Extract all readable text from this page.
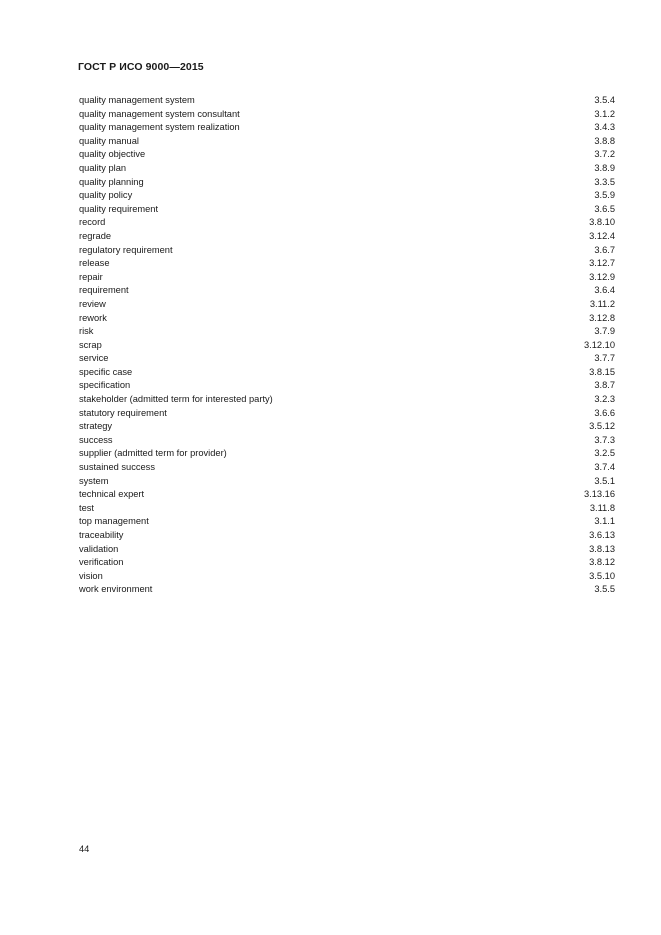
ГОСТ Р ИСО 9000—2015
quality management system	3.5.4
quality management system consultant	3.1.2
quality management system realization	3.4.3
quality manual	3.8.8
quality objective	3.7.2
quality plan	3.8.9
quality planning	3.3.5
quality policy	3.5.9
quality requirement	3.6.5
record	3.8.10
regrade	3.12.4
regulatory requirement	3.6.7
release	3.12.7
repair	3.12.9
requirement	3.6.4
review	3.11.2
rework	3.12.8
risk	3.7.9
scrap	3.12.10
service	3.7.7
specific case	3.8.15
specification	3.8.7
stakeholder (admitted term for interested party)	3.2.3
statutory requirement	3.6.6
strategy	3.5.12
success	3.7.3
supplier (admitted term for provider)	3.2.5
sustained success	3.7.4
system	3.5.1
technical expert	3.13.16
test	3.11.8
top management	3.1.1
traceability	3.6.13
validation	3.8.13
verification	3.8.12
vision	3.5.10
work environment	3.5.5
44
